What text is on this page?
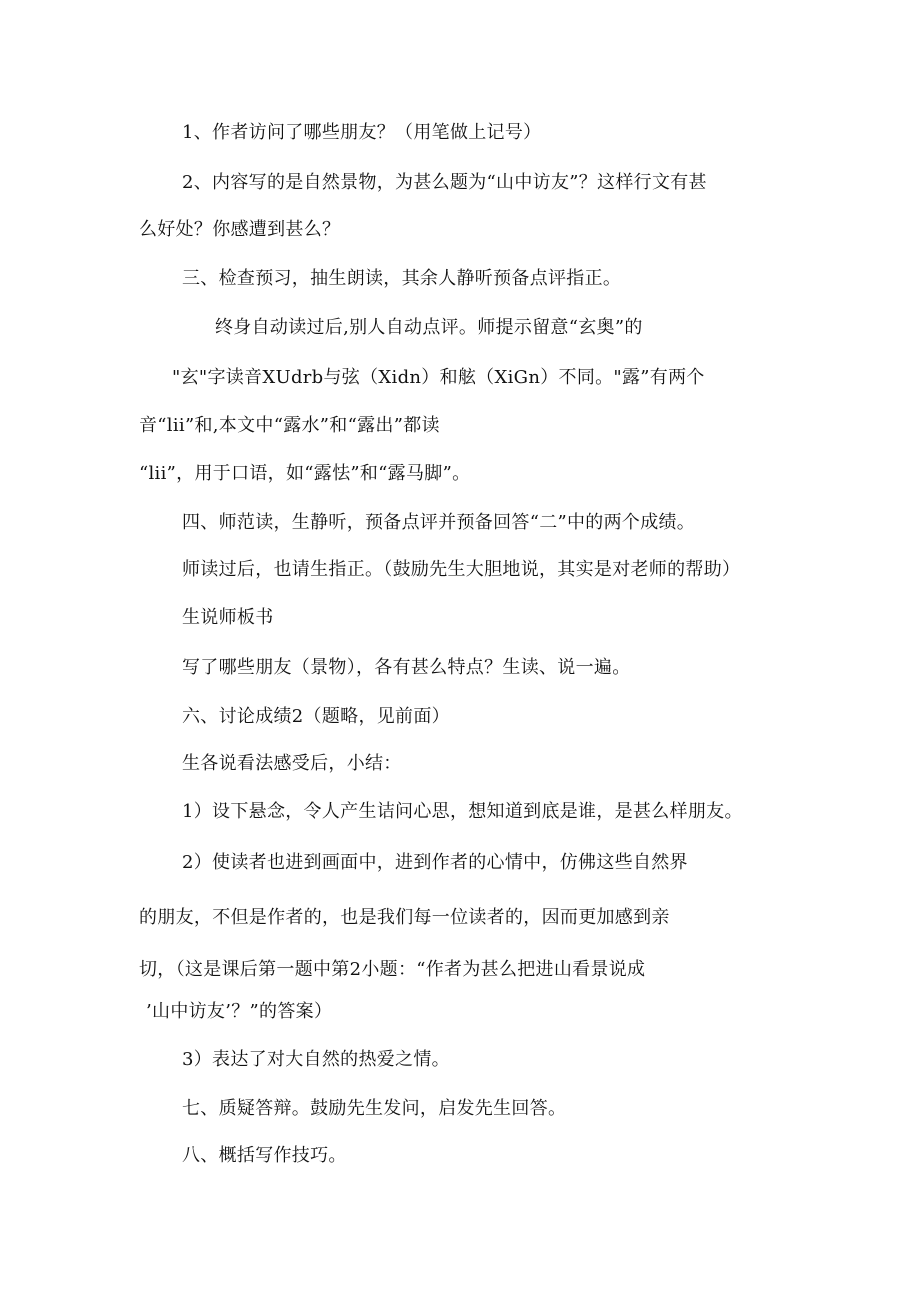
1、作者访问了哪些朋友？（用笔做上记号）

2、内容写的是自然景物，为甚么题为“山中访友”？这样行文有甚

么好处？你感遭到甚么？

三、检查预习，抽生朗读，其余人静听预备点评指正。

终身自动读过后,别人自动点评。师提示留意“玄奥”的

"玄"字读音XUdrb与弦（Xidn）和舷（XiGn）不同。"露”有两个

音“lii”和,本文中“露水”和“露出”都读

“lii”，用于口语，如“露怯”和“露马脚”。

四、师范读，生静听，预备点评并预备回答“二”中的两个成绩。

师读过后，也请生指正。（鼓励先生大胆地说，其实是对老师的帮助）

生说师板书

写了哪些朋友（景物），各有甚么特点？生读、说一遍。

六、讨论成绩2（题略，见前面）

生各说看法感受后，小结：

1）设下悬念，令人产生诘问心思，想知道到底是谁，是甚么样朋友。

2）使读者也进到画面中，进到作者的心情中，仿佛这些自然界

的朋友，不但是作者的，也是我们每一位读者的，因而更加感到亲

切，（这是课后第一题中第2小题：“作者为甚么把进山看景说成

’山中访友’？”的答案）

3）表达了对大自然的热爱之情。

七、质疑答辩。鼓励先生发问，启发先生回答。

八、概括写作技巧。
